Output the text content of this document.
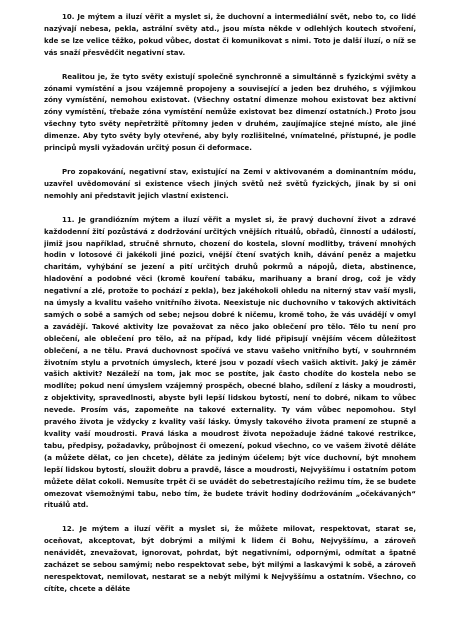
10. Je mýtem a iluzí věřit a myslet si, že duchovní a intermediální svět, nebo to, co lidé nazývají nebesa, pekla, astrální světy atd., jsou místa někde v odlehlých koutech stvoření, kde se lze velice těžko, pokud vůbec, dostat či komunikovat s nimi. Toto je další iluzí, o níž se vás snaží přesvědčit negativní stav.

Realitou je, že tyto světy existují společně synchronně a simultánně s fyzickými světy a zónami vymístění a jsou vzájemně propojeny a související a jeden bez druhého, s výjimkou zóny vymístění, nemohou existovat. (Všechny ostatní dimenze mohou existovat bez aktivní zóny vymístění, třebaže zóna vymístění nemůže existovat bez dimenzí ostatních.) Proto jsou všechny tyto světy nepřetržitě přítomny jeden v druhém, zaujímajíce stejné místo, ale jiné dimenze. Aby tyto světy byly otevřené, aby byly rozlišitelné, vnímatelné, přístupné, je podle principů mysli vyžadován určitý posun či deformace.

Pro zopakování, negativní stav, existující na Zemi v aktivovaném a dominantním módu, uzavřel uvědomování si existence všech jiných světů než světů fyzických, jinak by si oni nemohly ani představit jejich vlastní existenci.

11. Je grandiózním mýtem a iluzí věřit a myslet si, že pravý duchovní život a zdravé každodenní žití pozůstává z dodržování určitých vnějších rituálů, obřadů, činností a událostí, jimiž jsou například, stručně shrnuto, chození do kostela, slovní modlitby, trávení mnohých hodin v lotosové či jakékoli jiné pozici, vnější čtení svatých knih, dávání peněz a majetku charitám, vyhýbání se jezení a pití určitých druhů pokrmů a nápojů, dieta, abstinence, hladovění a podobné věci (kromě kouření tabáku, marihuany a braní drog, což je vždy negativní a zlé, protože to pochází z pekla), bez jakéhokoli ohledu na niterný stav vaší mysli, na úmysly a kvalitu vašeho vnitřního života. Neexistuje nic duchovního v takových aktivitách samých o sobě a samých od sebe; nejsou dobré k ničemu, kromě toho, že vás uvádějí v omyl a zavádějí. Takové aktivity lze považovat za něco jako oblečení pro tělo. Tělo tu není pro oblečení, ale oblečení pro tělo, až na případ, kdy lidé připisují vnějším věcem důležitost oblečení, a ne tělu. Pravá duchovnost spočívá ve stavu vašeho vnitřního bytí, v souhrnném životním stylu a prvotních úmyslech, které jsou v pozadí všech vašich aktivit. Jaký je záměr vašich aktivit? Nezáleží na tom, jak moc se postíte, jak často chodíte do kostela nebo se modlíte; pokud není úmyslem vzájemný prospěch, obecné blaho, sdílení z lásky a moudrosti, z objektivity, spravedlnosti, abyste byli lepší lidskou bytostí, není to dobré, nikam to vůbec nevede. Prosím vás, zapomeňte na takové externality. Ty vám vůbec nepomohou. Styl pravého života je vždycky z kvality vaší lásky. Úmysly takového života pramení ze stupně a kvality vaší moudrosti. Pravá láska a moudrost života nepožaduje žádné takové restrikce, tabu, předpisy, požadavky, průbojnost či omezení, pokud všechno, co ve vašem životě děláte (a můžete dělat, co jen chcete), děláte za jediným účelem; být více duchovní, být mnohem lepší lidskou bytostí, sloužit dobru a pravdě, lásce a moudrosti, Nejvyššímu i ostatním potom můžete dělat cokoli. Nemusíte trpět či se uvádět do sebetrestajícího režimu tím, že se budete omezovat všemožnými tabu, nebo tím, že budete trávit hodiny dodržováním „očekávaných“ rituálů atd.

12. Je mýtem a iluzí věřit a myslet si, že můžete milovat, respektovat, starat se, oceňovat, akceptovat, být dobrými a milými k lidem či Bohu, Nejvyššímu, a zároveň nenávidět, znevažovat, ignorovat, pohrdat, být negativními, odpornými, odmítat a špatně zacházet se sebou samými; nebo respektovat sebe, být milými a laskavými k sobě, a zároveň nerespektovat, nemilovat, nestarat se a nebýt milými k Nejvyššímu a ostatním. Všechno, co cítíte, chcete a děláte
